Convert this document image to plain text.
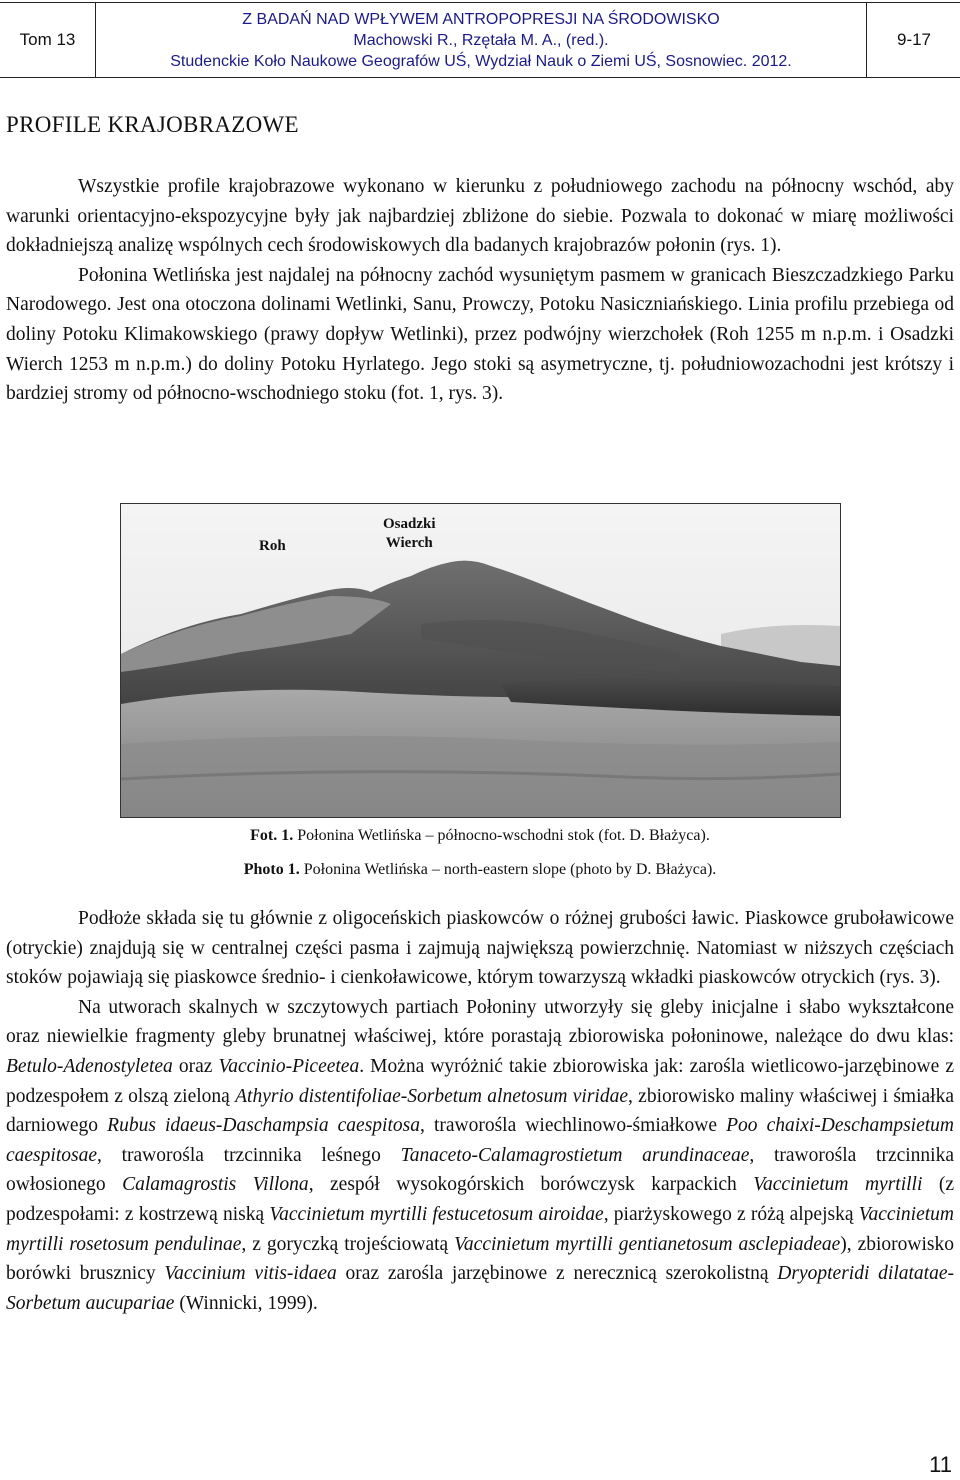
Tom 13
Z BADAŃ NAD WPŁYWEM ANTROPOPRESJI NA ŚRODOWISKO
Machowski R., Rzętała M. A., (red.).
Studenckie Koło Naukowe Geografów UŚ, Wydział Nauk o Ziemi UŚ, Sosnowiec. 2012.
9-17
PROFILE KRAJOBRAZOWE

Wszystkie profile krajobrazowe wykonano w kierunku z południowego zachodu na północny wschód, aby warunki orientacyjno-ekspozycyjne były jak najbardziej zbliżone do siebie. Pozwala to dokonać w miarę możliwości dokładniejszą analizę wspólnych cech środowiskowych dla badanych krajobrazów połonin (rys. 1).

Połonina Wetlińska jest najdalej na północny zachód wysuniętym pasmem w granicach Bieszczadzkiego Parku Narodowego. Jest ona otoczona dolinami Wetlinki, Sanu, Prowczy, Potoku Nasiczniańskiego. Linia profilu przebiega od doliny Potoku Klimakowskiego (prawy dopływ Wetlinki), przez podwójny wierzchołek (Roh 1255 m n.p.m. i Osadzki Wierch 1253 m n.p.m.) do doliny Potoku Hyrlatego. Jego stoki są asymetryczne, tj. południowozachodni jest krótszy i bardziej stromy od północno-wschodniego stoku (fot. 1, rys. 3).

Roh
Osadzki
Wierch
Fot. 1. Połonina Wetlińska – północno-wschodni stok (fot. D. Błażyca).
Photo 1. Połonina Wetlińska – north-eastern slope (photo by D. Błażyca).

Podłoże składa się tu głównie z oligoceńskich piaskowców o różnej grubości ławic. Piaskowce gruboławicowe (otryckie) znajdują się w centralnej części pasma i zajmują największą powierzchnię. Natomiast w niższych częściach stoków pojawiają się piaskowce średnio- i cienkoławicowe, którym towarzyszą wkładki piaskowców otryckich (rys. 3).

Na utworach skalnych w szczytowych partiach Połoniny utworzyły się gleby inicjalne i słabo wykształcone oraz niewielkie fragmenty gleby brunatnej właściwej, które porastają zbiorowiska połoninowe, należące do dwu klas: Betulo-Adenostyletea oraz Vaccinio-Piceetea. Można wyróżnić takie zbiorowiska jak: zarośla wietlicowo-jarzębinowe z podzespołem z olszą zieloną Athyrio distentifoliae-Sorbetum alnetosum viridae, zbiorowisko maliny właściwej i śmiałka darniowego Rubus idaeus-Daschampsia caespitosa, traworośla wiechlinowo-śmiałkowe Poo chaixi-Deschampsietum caespitosae, traworośla trzcinnika leśnego Tanaceto-Calamagrostietum arundinaceae, traworośla trzcinnika owłosionego Calamagrostis Villona, zespół wysokogórskich borówczysk karpackich Vaccinietum myrtilli (z podzespołami: z kostrzewą niską Vaccinietum myrtilli festucetosum airoidae, piarżyskowego z różą alpejską Vaccinietum myrtilli rosetosum pendulinae, z goryczką trojeściowatą Vaccinietum myrtilli gentianetosum asclepiadeae), zbiorowisko borówki brusznicy Vaccinium vitis-idaea oraz zarośla jarzębinowe z nerecznicą szerokolistną Dryopteridi dilatatae-Sorbetum aucupariae (Winnicki, 1999).

11
